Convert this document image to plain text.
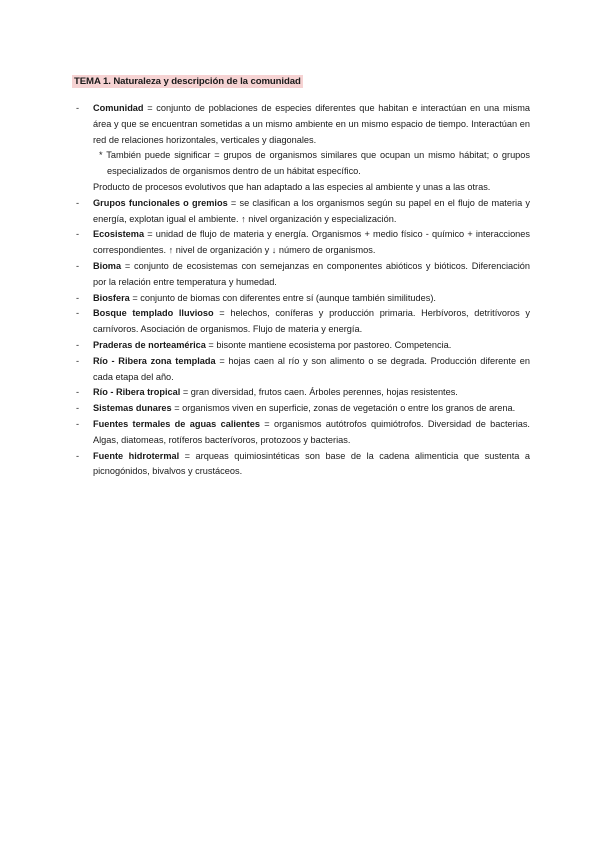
TEMA 1. Naturaleza y descripción de la comunidad
- Comunidad = conjunto de poblaciones de especies diferentes que habitan e interactúan en una misma área y que se encuentran sometidas a un mismo ambiente en un mismo espacio de tiempo. Interactúan en red de relaciones horizontales, verticales y diagonales.
* También puede significar = grupos de organismos similares que ocupan un mismo hábitat; o grupos especializados de organismos dentro de un hábitat específico.
Producto de procesos evolutivos que han adaptado a las especies al ambiente y unas a las otras.
- Grupos funcionales o gremios = se clasifican a los organismos según su papel en el flujo de materia y energía, explotan igual el ambiente. ↑ nivel organización y especialización.
- Ecosistema = unidad de flujo de materia y energía. Organismos + medio físico - químico + interacciones correspondientes. ↑ nivel de organización y ↓ número de organismos.
- Bioma = conjunto de ecosistemas con semejanzas en componentes abióticos y bióticos. Diferenciación por la relación entre temperatura y humedad.
- Biosfera = conjunto de biomas con diferentes entre sí (aunque también similitudes).
- Bosque templado lluvioso = helechos, coníferas y producción primaria. Herbívoros, detritívoros y carnívoros. Asociación de organismos. Flujo de materia y energía.
- Praderas de norteamérica = bisonte mantiene ecosistema por pastoreo. Competencia.
- Río - Ribera zona templada = hojas caen al río y son alimento o se degrada. Producción diferente en cada etapa del año.
- Río - Ribera tropical = gran diversidad, frutos caen. Árboles perennes, hojas resistentes.
- Sistemas dunares = organismos viven en superficie, zonas de vegetación o entre los granos de arena.
- Fuentes termales de aguas calientes = organismos autótrofos quimiótrofos. Diversidad de bacterias. Algas, diatomeas, rotíferos bacterívoros, protozoos y bacterias.
- Fuente hidrotermal = arqueas quimiosintéticas son base de la cadena alimenticia que sustenta a picnogónidos, bivalvos y crustáceos.
